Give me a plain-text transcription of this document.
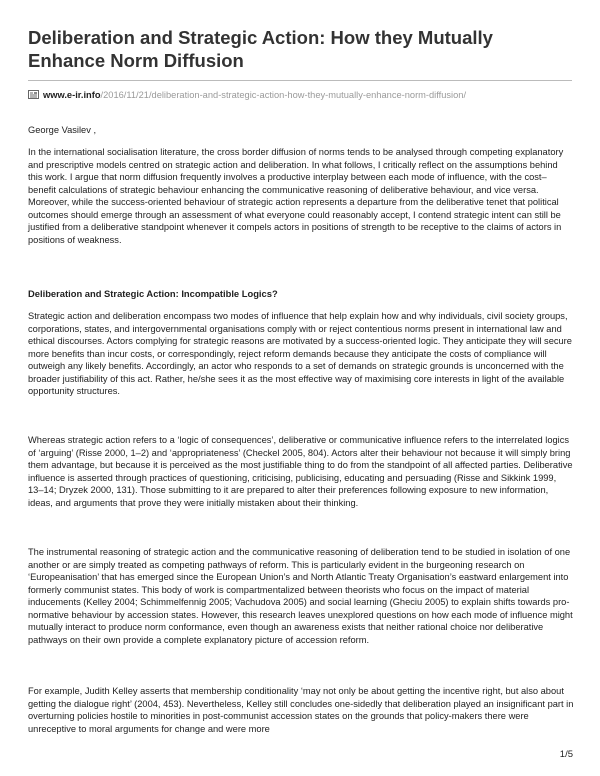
Deliberation and Strategic Action: How they Mutually Enhance Norm Diffusion
www.e-ir.info/2016/11/21/deliberation-and-strategic-action-how-they-mutually-enhance-norm-diffusion/
George Vasilev ,

In the international socialisation literature, the cross border diffusion of norms tends to be analysed through competing explanatory and prescriptive models centred on strategic action and deliberation. In what follows, I critically reflect on the assumptions behind this work. I argue that norm diffusion frequently involves a productive interplay between each mode of influence, with the cost–benefit calculations of strategic behaviour enhancing the communicative reasoning of deliberative behaviour, and vice versa. Moreover, while the success-oriented behaviour of strategic action represents a departure from the deliberative tenet that political outcomes should emerge through an assessment of what everyone could reasonably accept, I contend strategic intent can still be justified from a deliberative standpoint whenever it compels actors in positions of strength to be receptive to the claims of actors in positions of weakness.

Deliberation and Strategic Action: Incompatible Logics?

Strategic action and deliberation encompass two modes of influence that help explain how and why individuals, civil society groups, corporations, states, and intergovernmental organisations comply with or reject contentious norms present in international law and ethical discourses. Actors complying for strategic reasons are motivated by a success-oriented logic. They anticipate they will secure more benefits than incur costs, or correspondingly, reject reform demands because they anticipate the costs of compliance will outweigh any likely benefits. Accordingly, an actor who responds to a set of demands on strategic grounds is unconcerned with the broader justifiability of this act. Rather, he/she sees it as the most effective way of maximising core interests in light of the available opportunity structures.

Whereas strategic action refers to a ‘logic of consequences’, deliberative or communicative influence refers to the interrelated logics of ‘arguing’ (Risse 2000, 1–2) and ‘appropriateness’ (Checkel 2005, 804). Actors alter their behaviour not because it will simply bring them advantage, but because it is perceived as the most justifiable thing to do from the standpoint of all affected parties. Deliberative influence is asserted through practices of questioning, criticising, publicising, educating and persuading (Risse and Sikkink 1999, 13–14; Dryzek 2000, 131). Those submitting to it are prepared to alter their preferences following exposure to new information, ideas, and arguments that prove they were initially mistaken about their thinking.

The instrumental reasoning of strategic action and the communicative reasoning of deliberation tend to be studied in isolation of one another or are simply treated as competing pathways of reform. This is particularly evident in the burgeoning research on ‘Europeanisation’ that has emerged since the European Union’s and North Atlantic Treaty Organisation’s eastward enlargement into formerly communist states. This body of work is compartmentalized between theorists who focus on the impact of material inducements (Kelley 2004; Schimmelfennig 2005; Vachudova 2005) and social learning (Gheciu 2005) to explain shifts towards pro-normative behaviour by accession states. However, this research leaves unexplored questions on how each mode of influence might mutually interact to produce norm conformance, even though an awareness exists that neither rational choice nor deliberative pathways on their own provide a complete explanatory picture of accession reform.

For example, Judith Kelley asserts that membership conditionality ‘may not only be about getting the incentive right, but also about getting the dialogue right’ (2004, 453). Nevertheless, Kelley still concludes one-sidedly that deliberation played an insignificant part in overturning policies hostile to minorities in post-communist accession states on the grounds that policy-makers there were unreceptive to moral arguments for change and were more

1/5
